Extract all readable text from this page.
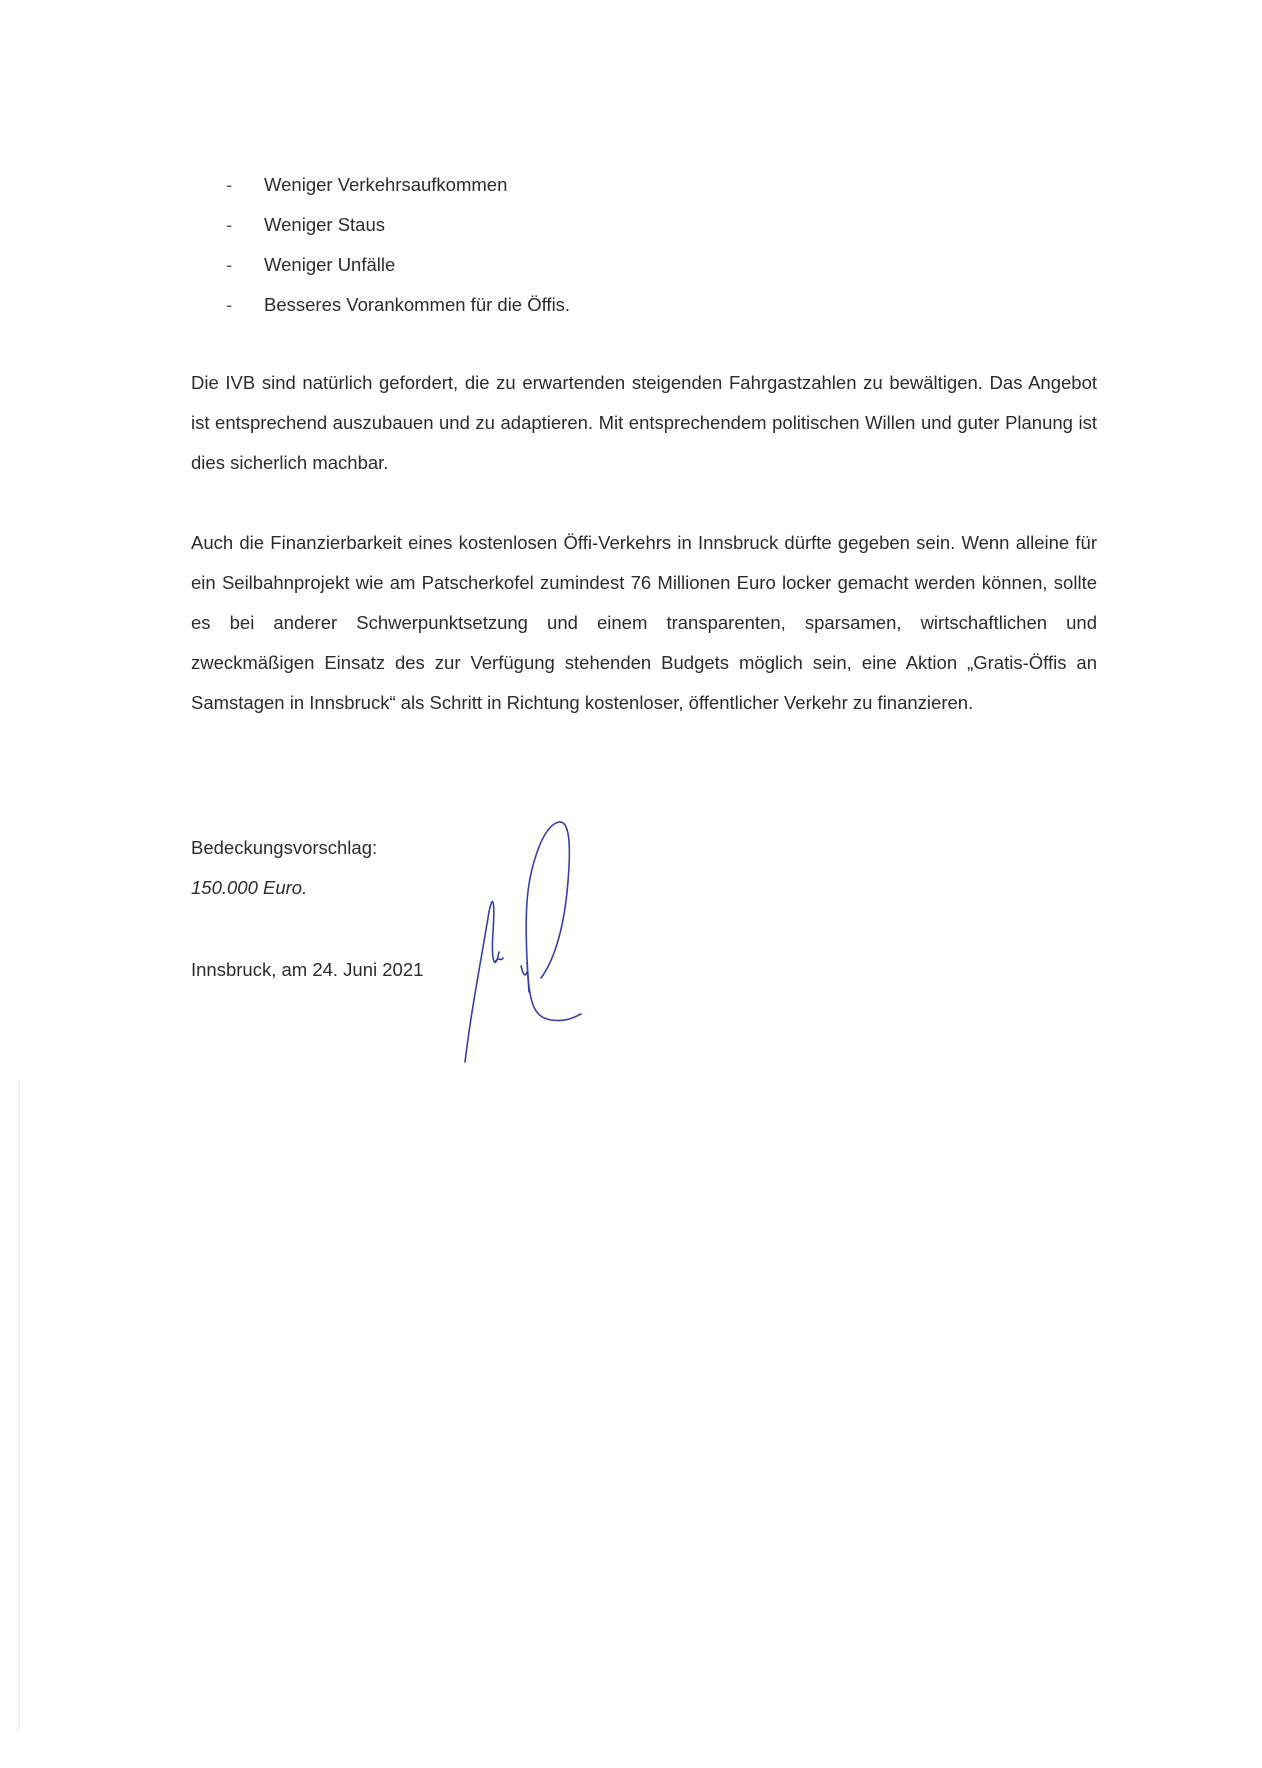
- Weniger Verkehrsaufkommen
- Weniger Staus
- Weniger Unfälle
- Besseres Vorankommen für die Öffis.

Die IVB sind natürlich gefordert, die zu erwartenden steigenden Fahrgastzahlen zu bewältigen. Das Angebot ist entsprechend auszubauen und zu adaptieren. Mit entsprechendem politischen Willen und guter Planung ist dies sicherlich machbar.

Auch die Finanzierbarkeit eines kostenlosen Öffi-Verkehrs in Innsbruck dürfte gegeben sein. Wenn alleine für ein Seilbahnprojekt wie am Patscherkofel zumindest 76 Millionen Euro locker gemacht werden können, sollte es bei anderer Schwerpunktsetzung und einem transparenten, sparsamen, wirtschaftlichen und zweckmäßigen Einsatz des zur Verfügung stehenden Budgets möglich sein, eine Aktion „Gratis-Öffis an Samstagen in Innsbruck“ als Schritt in Richtung kostenloser, öffentlicher Verkehr zu finanzieren.

Bedeckungsvorschlag:

150.000 Euro.

Innsbruck, am 24. Juni 2021
